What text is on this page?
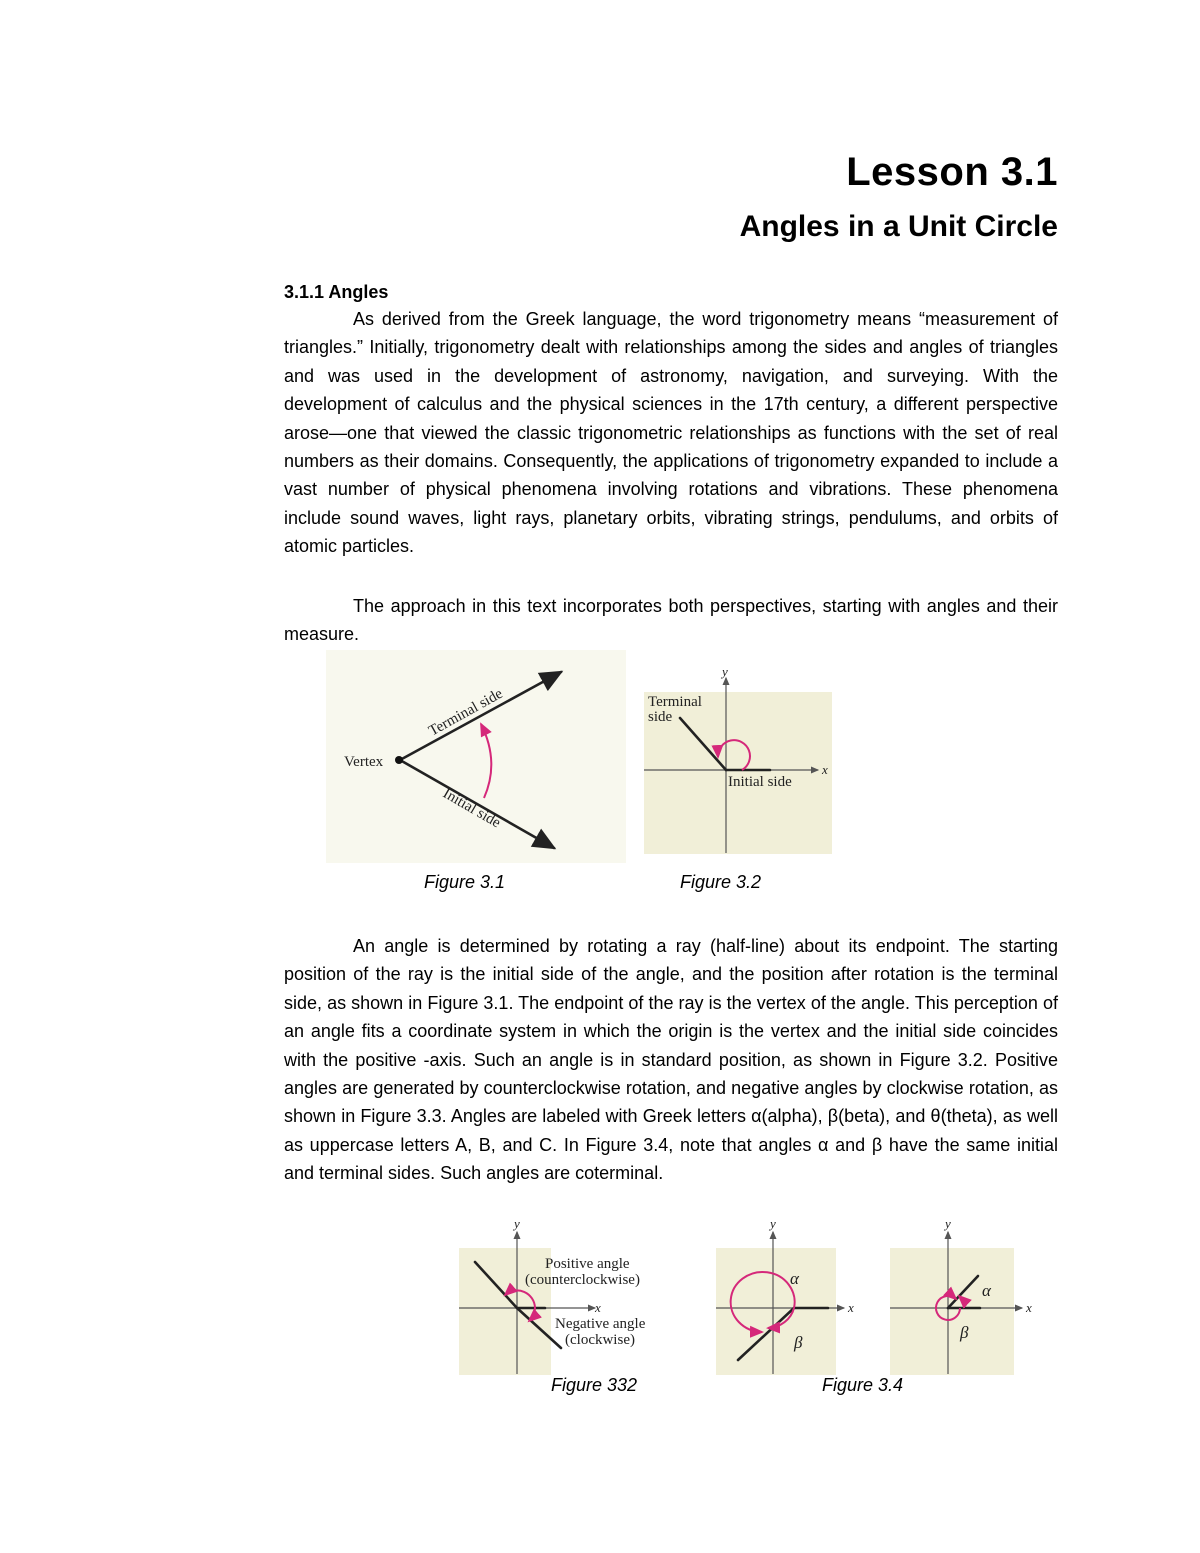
Lesson 3.1
Angles in a Unit Circle
3.1.1 Angles

As derived from the Greek language, the word trigonometry means “measurement of triangles.” Initially, trigonometry dealt with relationships among the sides and angles of triangles and was used in the development of astronomy, navigation, and surveying. With the development of calculus and the physical sciences in the 17th century, a different perspective arose—one that viewed the classic trigonometric relationships as functions with the set of real numbers as their domains. Consequently, the applications of trigonometry expanded to include a vast number of physical phenomena involving rotations and vibrations. These phenomena include sound waves, light rays, planetary orbits, vibrating strings, pendulums, and orbits of atomic particles.

The approach in this text incorporates both perspectives, starting with angles and their measure.

Vertex
Terminal side
Initial side
y
x
Terminal
side
Initial side
Figure 3.1	Figure 3.2

An angle is determined by rotating a ray (half-line) about its endpoint. The starting position of the ray is the initial side of the angle, and the position after rotation is the terminal side, as shown in Figure 3.1. The endpoint of the ray is the vertex of the angle. This perception of an angle fits a coordinate system in which the origin is the vertex and the initial side coincides with the positive -axis. Such an angle is in standard position, as shown in Figure 3.2. Positive angles are generated by counterclockwise rotation, and negative angles by clockwise rotation, as shown in Figure 3.3. Angles are labeled with Greek letters α(alpha), β(beta), and θ(theta), as well as uppercase letters A, B, and C. In Figure 3.4, note that angles α and β have the same initial and terminal sides. Such angles are coterminal.

y
x
Positive angle
(counterclockwise)
Negative angle
(clockwise)
y
x
α
β
y
x
α
β
Figure 332	Figure 3.4
